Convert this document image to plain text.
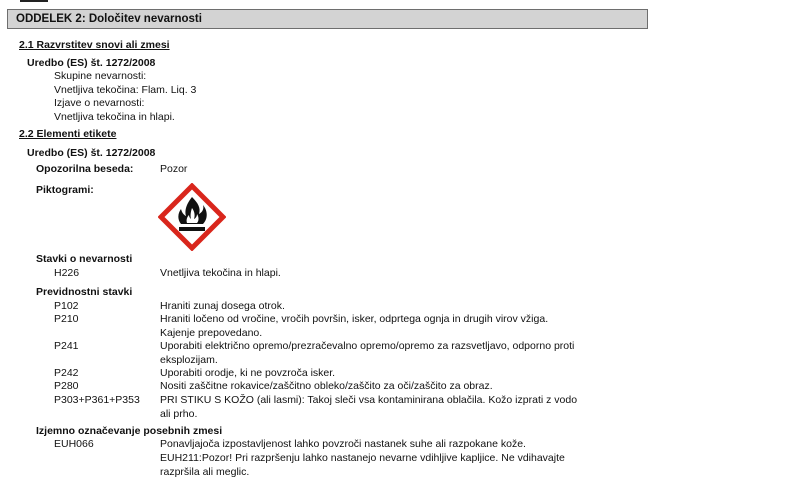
ODDELEK 2: Določitev nevarnosti
2.1 Razvrstitev snovi ali zmesi
Uredbo (ES) št. 1272/2008
Skupine nevarnosti:
Vnetljiva tekočina: Flam. Liq. 3
Izjave o nevarnosti:
Vnetljiva tekočina in hlapi.
2.2 Elementi etikete
Uredbo (ES) št. 1272/2008
Opozorilna beseda:	Pozor
Piktogrami:
Stavki o nevarnosti
H226	Vnetljiva tekočina in hlapi.
Previdnostni stavki
P102	Hraniti zunaj dosega otrok.
P210	Hraniti ločeno od vročine, vročih površin, isker, odprtega ognja in drugih virov vžiga. Kajenje prepovedano.
P241	Uporabiti električno opremo/prezračevalno opremo/opremo za razsvetljavo, odporno proti eksplozijam.
P242	Uporabiti orodje, ki ne povzroča isker.
P280	Nositi zaščitne rokavice/zaščitno obleko/zaščito za oči/zaščito za obraz.
P303+P361+P353 PRI STIKU S KOŽO (ali lasmi): Takoj sleči vsa kontaminirana oblačila. Kožo izprati z vodo ali prho.
Izjemno označevanje posebnih zmesi
EUH066	Ponavljajoča izpostavljenost lahko povzroči nastanek suhe ali razpokane kože.
EUH211:Pozor! Pri razpršenju lahko nastanejo nevarne vdihljive kapljice. Ne vdihavajte razpršila ali meglic.
